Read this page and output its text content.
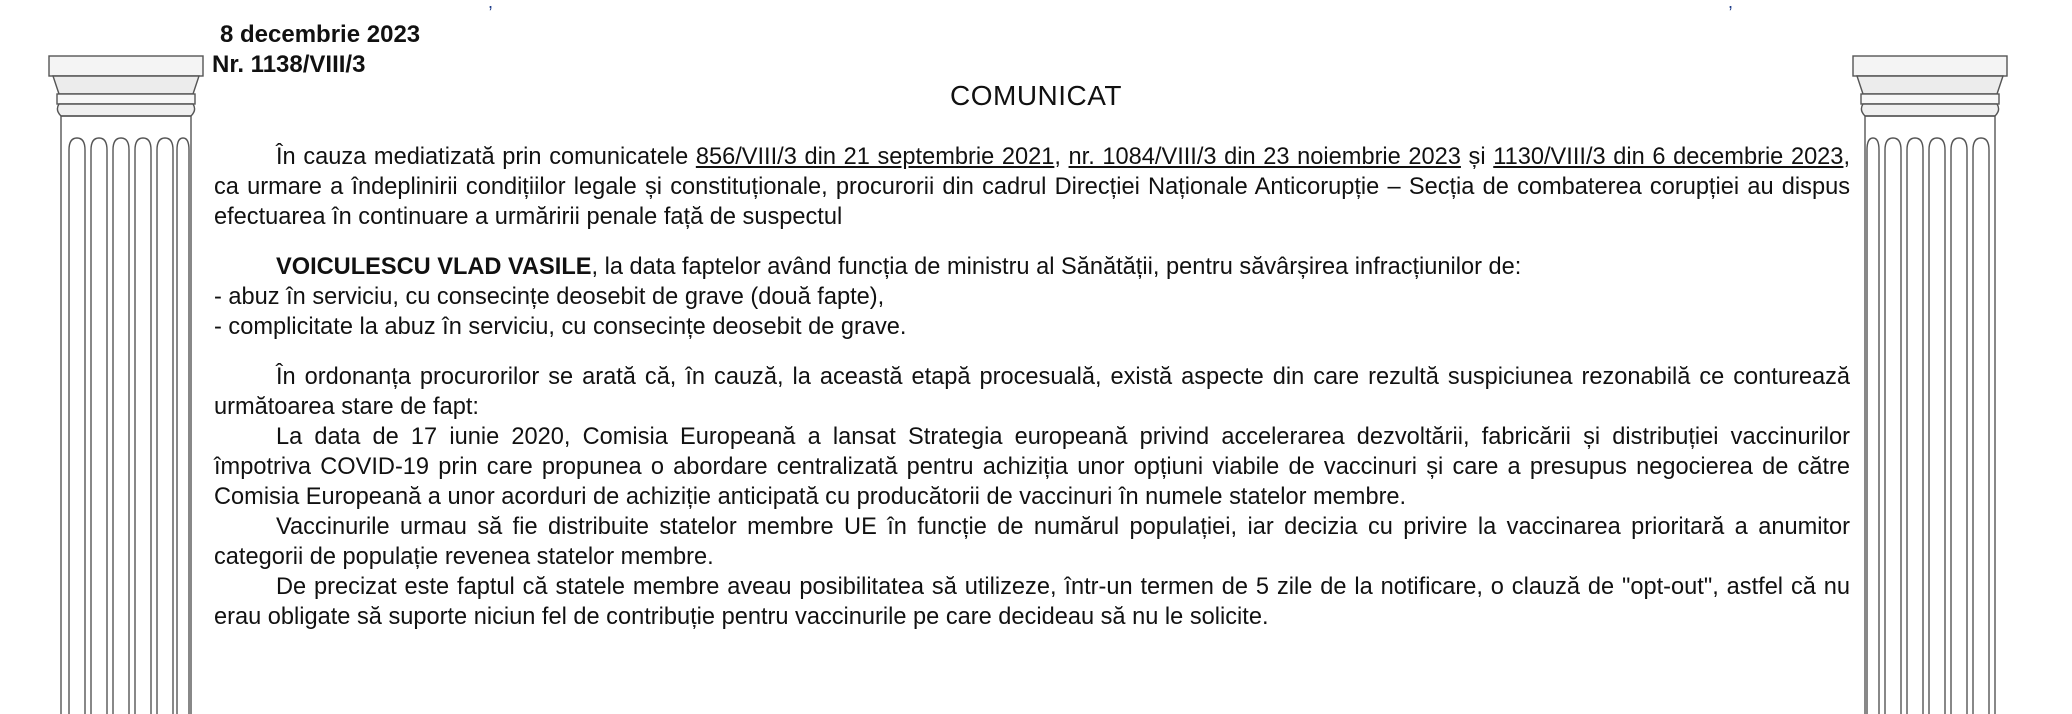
,	,
8 decembrie 2023
Nr. 1138/VIII/3
COMUNICAT

În cauza mediatizată prin comunicatele 856/VIII/3 din 21 septembrie 2021, nr. 1084/VIII/3 din 23 noiembrie 2023 și 1130/VIII/3 din 6 decembrie 2023, ca urmare a îndeplinirii condițiilor legale și constituționale, procurorii din cadrul Direcției Naționale Anticorupție – Secția de combaterea corupției au dispus efectuarea în continuare a urmăririi penale față de suspectul

VOICULESCU VLAD VASILE, la data faptelor având funcția de ministru al Sănătății, pentru săvârșirea infracțiunilor de:

- abuz în serviciu, cu consecințe deosebit de grave (două fapte),

- complicitate la abuz în serviciu, cu consecințe deosebit de grave.

În ordonanța procurorilor se arată că, în cauză, la această etapă procesuală, există aspecte din care rezultă suspiciunea rezonabilă ce conturează următoarea stare de fapt:

La data de 17 iunie 2020, Comisia Europeană a lansat Strategia europeană privind accelerarea dezvoltării, fabricării și distribuției vaccinurilor împotriva COVID-19 prin care propunea o abordare centralizată pentru achiziția unor opțiuni viabile de vaccinuri și care a presupus negocierea de către Comisia Europeană a unor acorduri de achiziție anticipată cu producătorii de vaccinuri în numele statelor membre.

Vaccinurile urmau să fie distribuite statelor membre UE în funcție de numărul populației, iar decizia cu privire la vaccinarea prioritară a anumitor categorii de populație revenea statelor membre.

De precizat este faptul că statele membre aveau posibilitatea să utilizeze, într-un termen de 5 zile de la notificare, o clauză de "opt-out", astfel că nu erau obligate să suporte niciun fel de contribuție pentru vaccinurile pe care decideau să nu le solicite.
